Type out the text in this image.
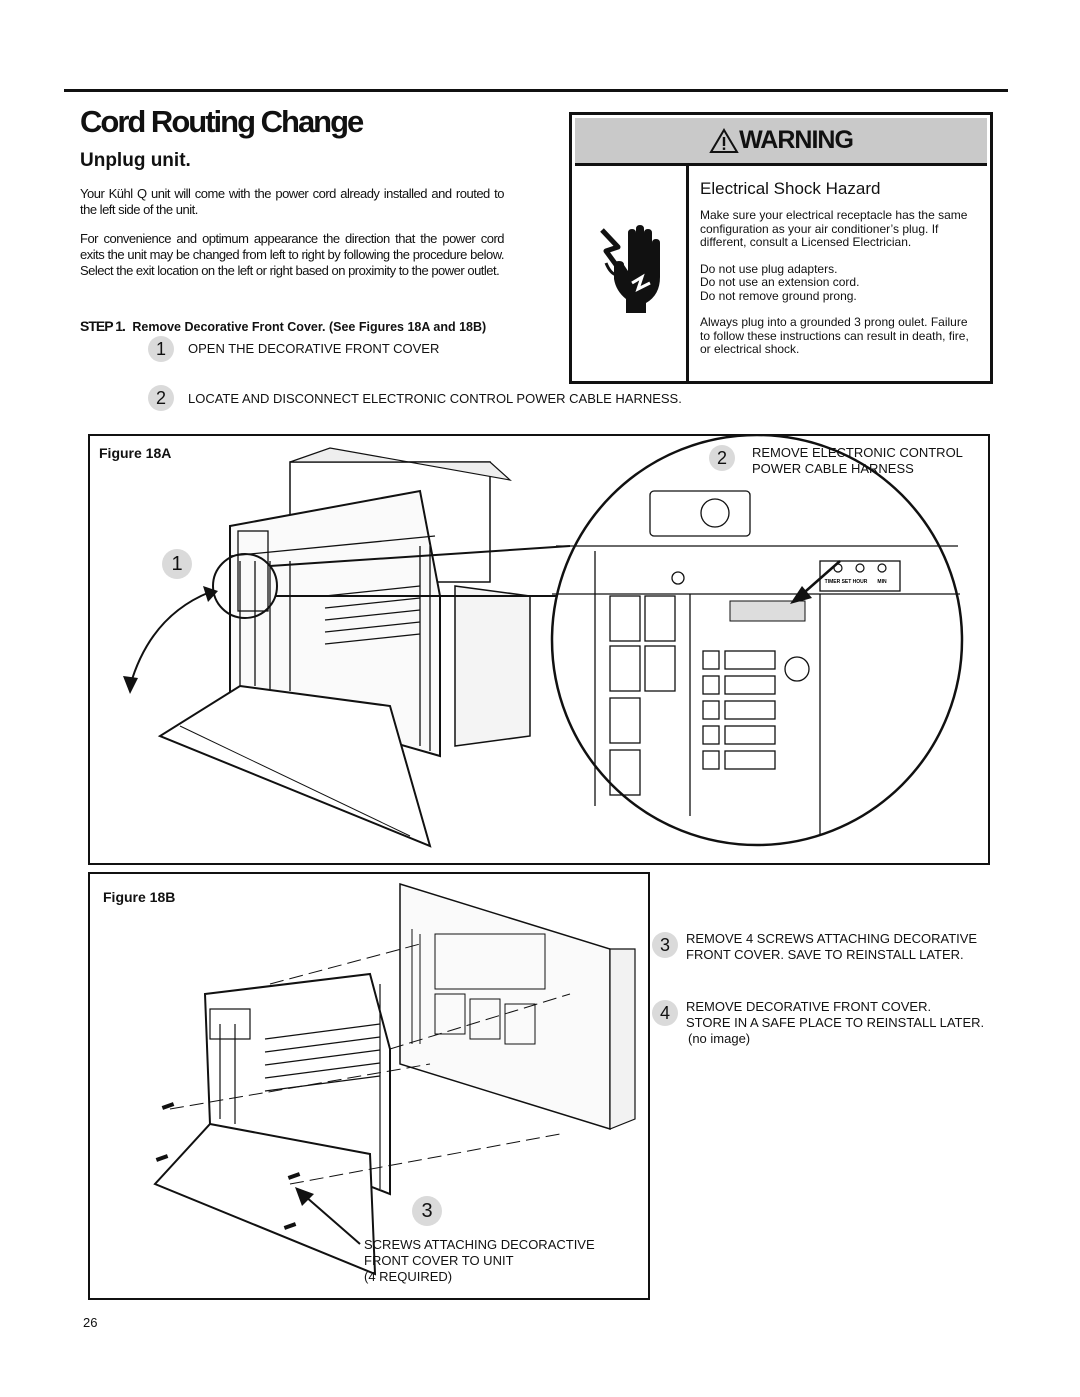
Cord Routing Change
Unplug unit.
Your Kühl Q unit will come with the power cord already installed and routed to the left side of the unit.
For convenience and optimum appearance the direction that the power cord exits the unit may be changed from left to right by following the procedure below. Select the exit location on the left or right based on proximity to the power outlet.
STEP 1. Remove Decorative Front Cover. (See Figures 18A and 18B)
1	OPEN THE DECORATIVE FRONT COVER
2	LOCATE AND DISCONNECT ELECTRONIC CONTROL POWER CABLE HARNESS.
WARNING
Electrical Shock Hazard
Make sure your electrical receptacle has the same configuration as your air conditioner’s plug. If different, consult a Licensed Electrician.
Do not use plug adapters.
Do not use an extension cord.
Do not remove ground prong.
Always plug into a grounded 3 prong oulet. Failure to follow these instructions can result in death, fire, or electrical shock.
Figure 18A
TIMER SET HOUR MIN
1
2	REMOVE ELECTRONIC CONTROL
POWER CABLE HARNESS
Figure 18B
3
SCREWS ATTACHING DECORACTIVE
FRONT COVER TO UNIT
(4 REQUIRED)
3	REMOVE 4 SCREWS ATTACHING DECORATIVE
FRONT COVER. SAVE TO REINSTALL LATER.
4	REMOVE DECORATIVE FRONT COVER.
STORE IN A SAFE PLACE TO REINSTALL LATER.
(no image)
26
